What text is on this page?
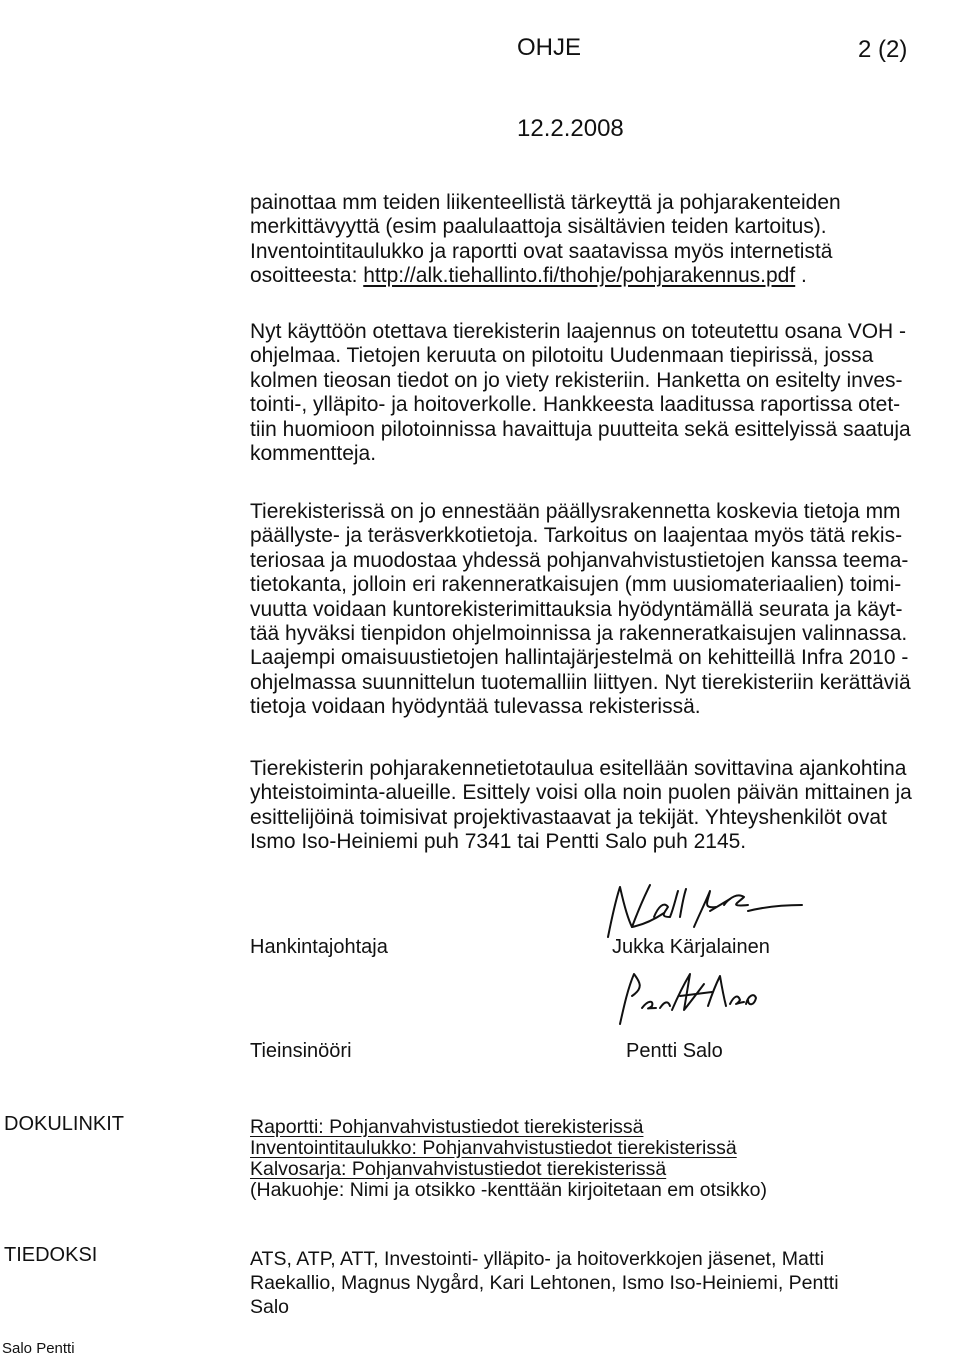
OHJE	2 (2)
12.2.2008
painottaa mm teiden liikenteellistä tärkeyttä ja pohjarakenteiden
merkittävyyttä (esim paalulaattoja sisältävien teiden kartoitus).
Inventointitaulukko ja raportti ovat saatavissa myös internetistä
osoitteesta: http://alk.tiehallinto.fi/thohje/pohjarakennus.pdf .
Nyt käyttöön otettava tierekisterin laajennus on toteutettu osana VOH -
ohjelmaa. Tietojen keruuta on pilotoitu Uudenmaan tiepirissä, jossa
kolmen tieosan tiedot on jo viety rekisteriin. Hanketta on esitelty inves-
tointi-, ylläpito- ja hoitoverkolle. Hankkeesta laaditussa raportissa otet-
tiin huomioon pilotoinnissa havaittuja puutteita sekä esittelyissä saatuja
kommentteja.
Tierekisterissä on jo ennestään päällysrakennetta koskevia tietoja mm
päällyste- ja teräsverkkotietoja. Tarkoitus on laajentaa myös tätä rekis-
teriosaa ja muodostaa yhdessä pohjanvahvistustietojen kanssa teema-
tietokanta, jolloin eri rakenneratkaisujen (mm uusiomateriaalien) toimi-
vuutta voidaan kuntorekisterimittauksia hyödyntämällä seurata ja käyt-
tää hyväksi tienpidon ohjelmoinnissa ja rakenneratkaisujen valinnassa.
Laajempi omaisuustietojen hallintajärjestelmä on kehitteillä Infra 2010 -
ohjelmassa suunnittelun tuotemalliin liittyen. Nyt tierekisteriin kerättäviä
tietoja voidaan hyödyntää tulevassa rekisterissä.
Tierekisterin pohjarakennetietotaulua esitellään sovittavina ajankohtina
yhteistoiminta-alueille. Esittely voisi olla noin puolen päivän mittainen ja
esittelijöinä toimisivat projektivastaavat ja tekijät. Yhteyshenkilöt ovat
Ismo Iso-Heiniemi puh 7341 tai Pentti Salo puh 2145.
Hankintajohtaja	Jukka Kärjalainen
Tieinsinööri	Pentti Salo
DOKULINKIT	Raportti: Pohjanvahvistustiedot tierekisterissä
Inventointitaulukko: Pohjanvahvistustiedot tierekisterissä
Kalvosarja: Pohjanvahvistustiedot tierekisterissä
(Hakuohje: Nimi ja otsikko -kenttään kirjoitetaan em otsikko)
TIEDOKSI	ATS, ATP, ATT, Investointi- ylläpito- ja hoitoverkkojen jäsenet, Matti
Raekallio, Magnus Nygård, Kari Lehtonen, Ismo Iso-Heiniemi, Pentti
Salo
Salo Pentti
